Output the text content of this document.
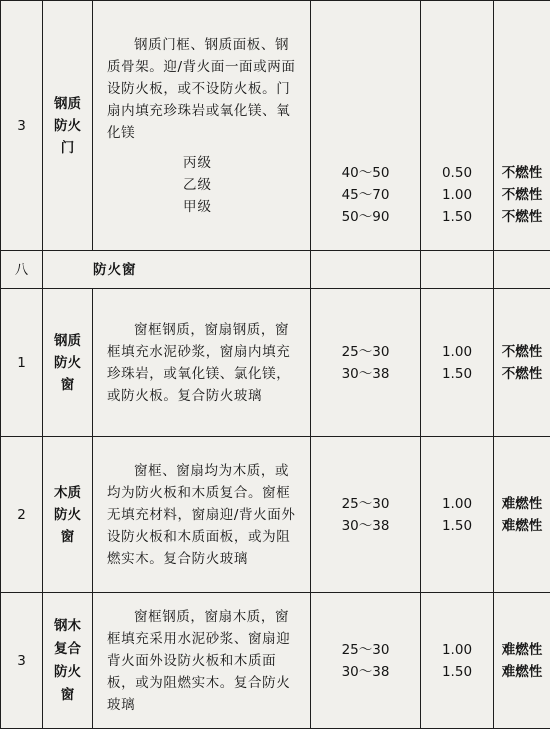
3	钢质
防火
门	钢质门框、钢质面板、钢质骨架。迎/背火面一面或两面设防火板，或不设防火板。门扇内填充珍珠岩或氧化镁、氧化镁
丙级
乙级
甲级	40～50
45～70
50～90	0.50
1.00
1.50	不燃性
不燃性
不燃性

八	防火窗				
1	钢质
防火
窗	窗框钢质，窗扇钢质，窗框填充水泥砂浆，窗扇内填充珍珠岩，或氧化镁、氯化镁，或防火板。复合防火玻璃	25～30
30～38	1.00
1.50	不燃性
不燃性

2	木质
防火
窗	窗框、窗扇均为木质，或均为防火板和木质复合。窗框无填充材料，窗扇迎/背火面外设防火板和木质面板，或为阻燃实木。复合防火玻璃	25～30
30～38	1.00
1.50	难燃性
难燃性

3	钢木
复合
防火
窗	窗框钢质，窗扇木质，窗框填充采用水泥砂浆、窗扇迎背火面外设防火板和木质面板，或为阻燃实木。复合防火玻璃	25～30
30～38	1.00
1.50	难燃性
难燃性
